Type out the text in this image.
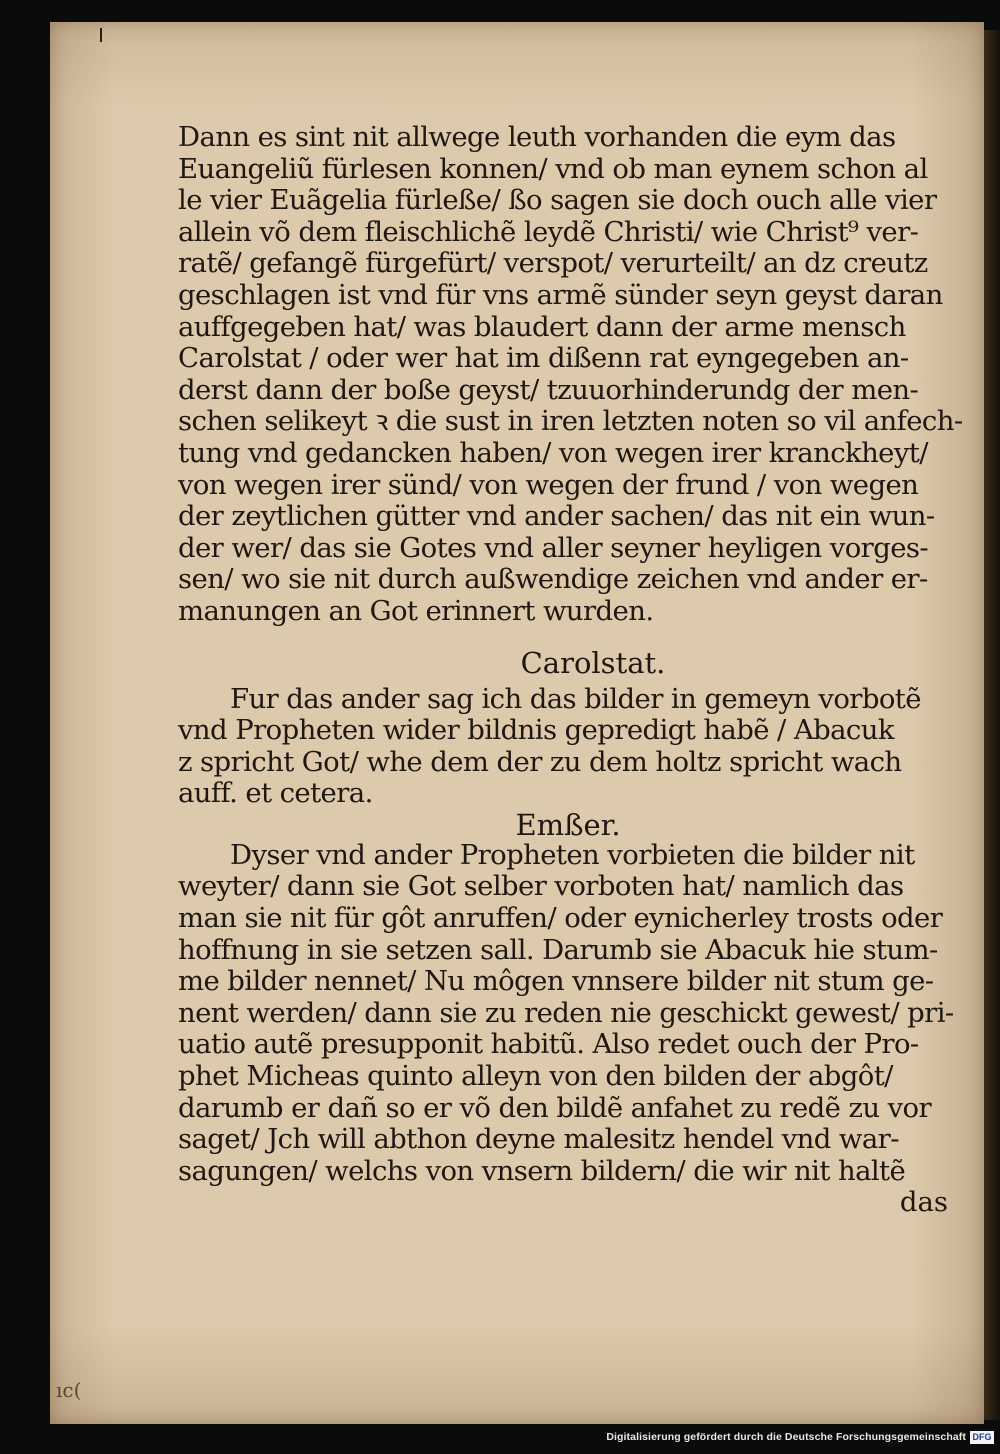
Dann es sint nit allwege leuth vorhanden die eym das
Euangeliũ fürlesen konnen/ vnd ob man eynem schon al
le vier Euãgelia fürleße/ ßo sagen sie doch ouch alle vier
allein võ dem fleischlichẽ leydẽ Christi/ wie Christ⁹ ver-
ratẽ/ gefangẽ fürgefürt/ verspot/ verurteilt/ an dz creutz
geschlagen ist vnd für vns armẽ sünder seyn geyst daran
auffgegeben hat/ was blaudert dann der arme mensch
Carolstat / oder wer hat im dißenn rat eyngegeben an-
derst dann der boße geyst/ tzuuorhinderundg der men-
schen selikeyt ꝛ die sust in iren letzten noten so vil anfech-
tung vnd gedancken haben/ von wegen irer kranckheyt/
von wegen irer sünd/ von wegen der frund / von wegen
der zeytlichen gütter vnd ander sachen/ das nit ein wun-
der wer/ das sie Gotes vnd aller seyner heyligen vorges-
sen/ wo sie nit durch außwendige zeichen vnd ander er-
manungen an Got erinnert wurden.
Carolstat.
Fur das ander sag ich das bilder in gemeyn vorbotẽ
vnd Propheten wider bildnis gepredigt habẽ / Abacuk
z spricht Got/ whe dem der zu dem holtz spricht wach
auff. et cetera.
Emßer.
Dyser vnd ander Propheten vorbieten die bilder nit
weyter/ dann sie Got selber vorboten hat/ namlich das
man sie nit für gôt anruffen/ oder eynicherley trosts oder
hoffnung in sie setzen sall. Darumb sie Abacuk hie stum-
me bilder nennet/ Nu môgen vnnsere bilder nit stum ge-
nent werden/ dann sie zu reden nie geschickt gewest/ pri-
uatio autẽ presupponit habitũ. Also redet ouch der Pro-
phet Micheas quinto alleyn von den bilden der abgôt/
darumb er dañ so er võ den bildẽ anfahet zu redẽ zu vor
saget/ Jch will abthon deyne malesitz hendel vnd war-
sagungen/ welchs von vnsern bildern/ die wir nit haltẽ
das
ıc(
Digitalisierung gefördert durch die Deutsche Forschungsgemeinschaft DFG
